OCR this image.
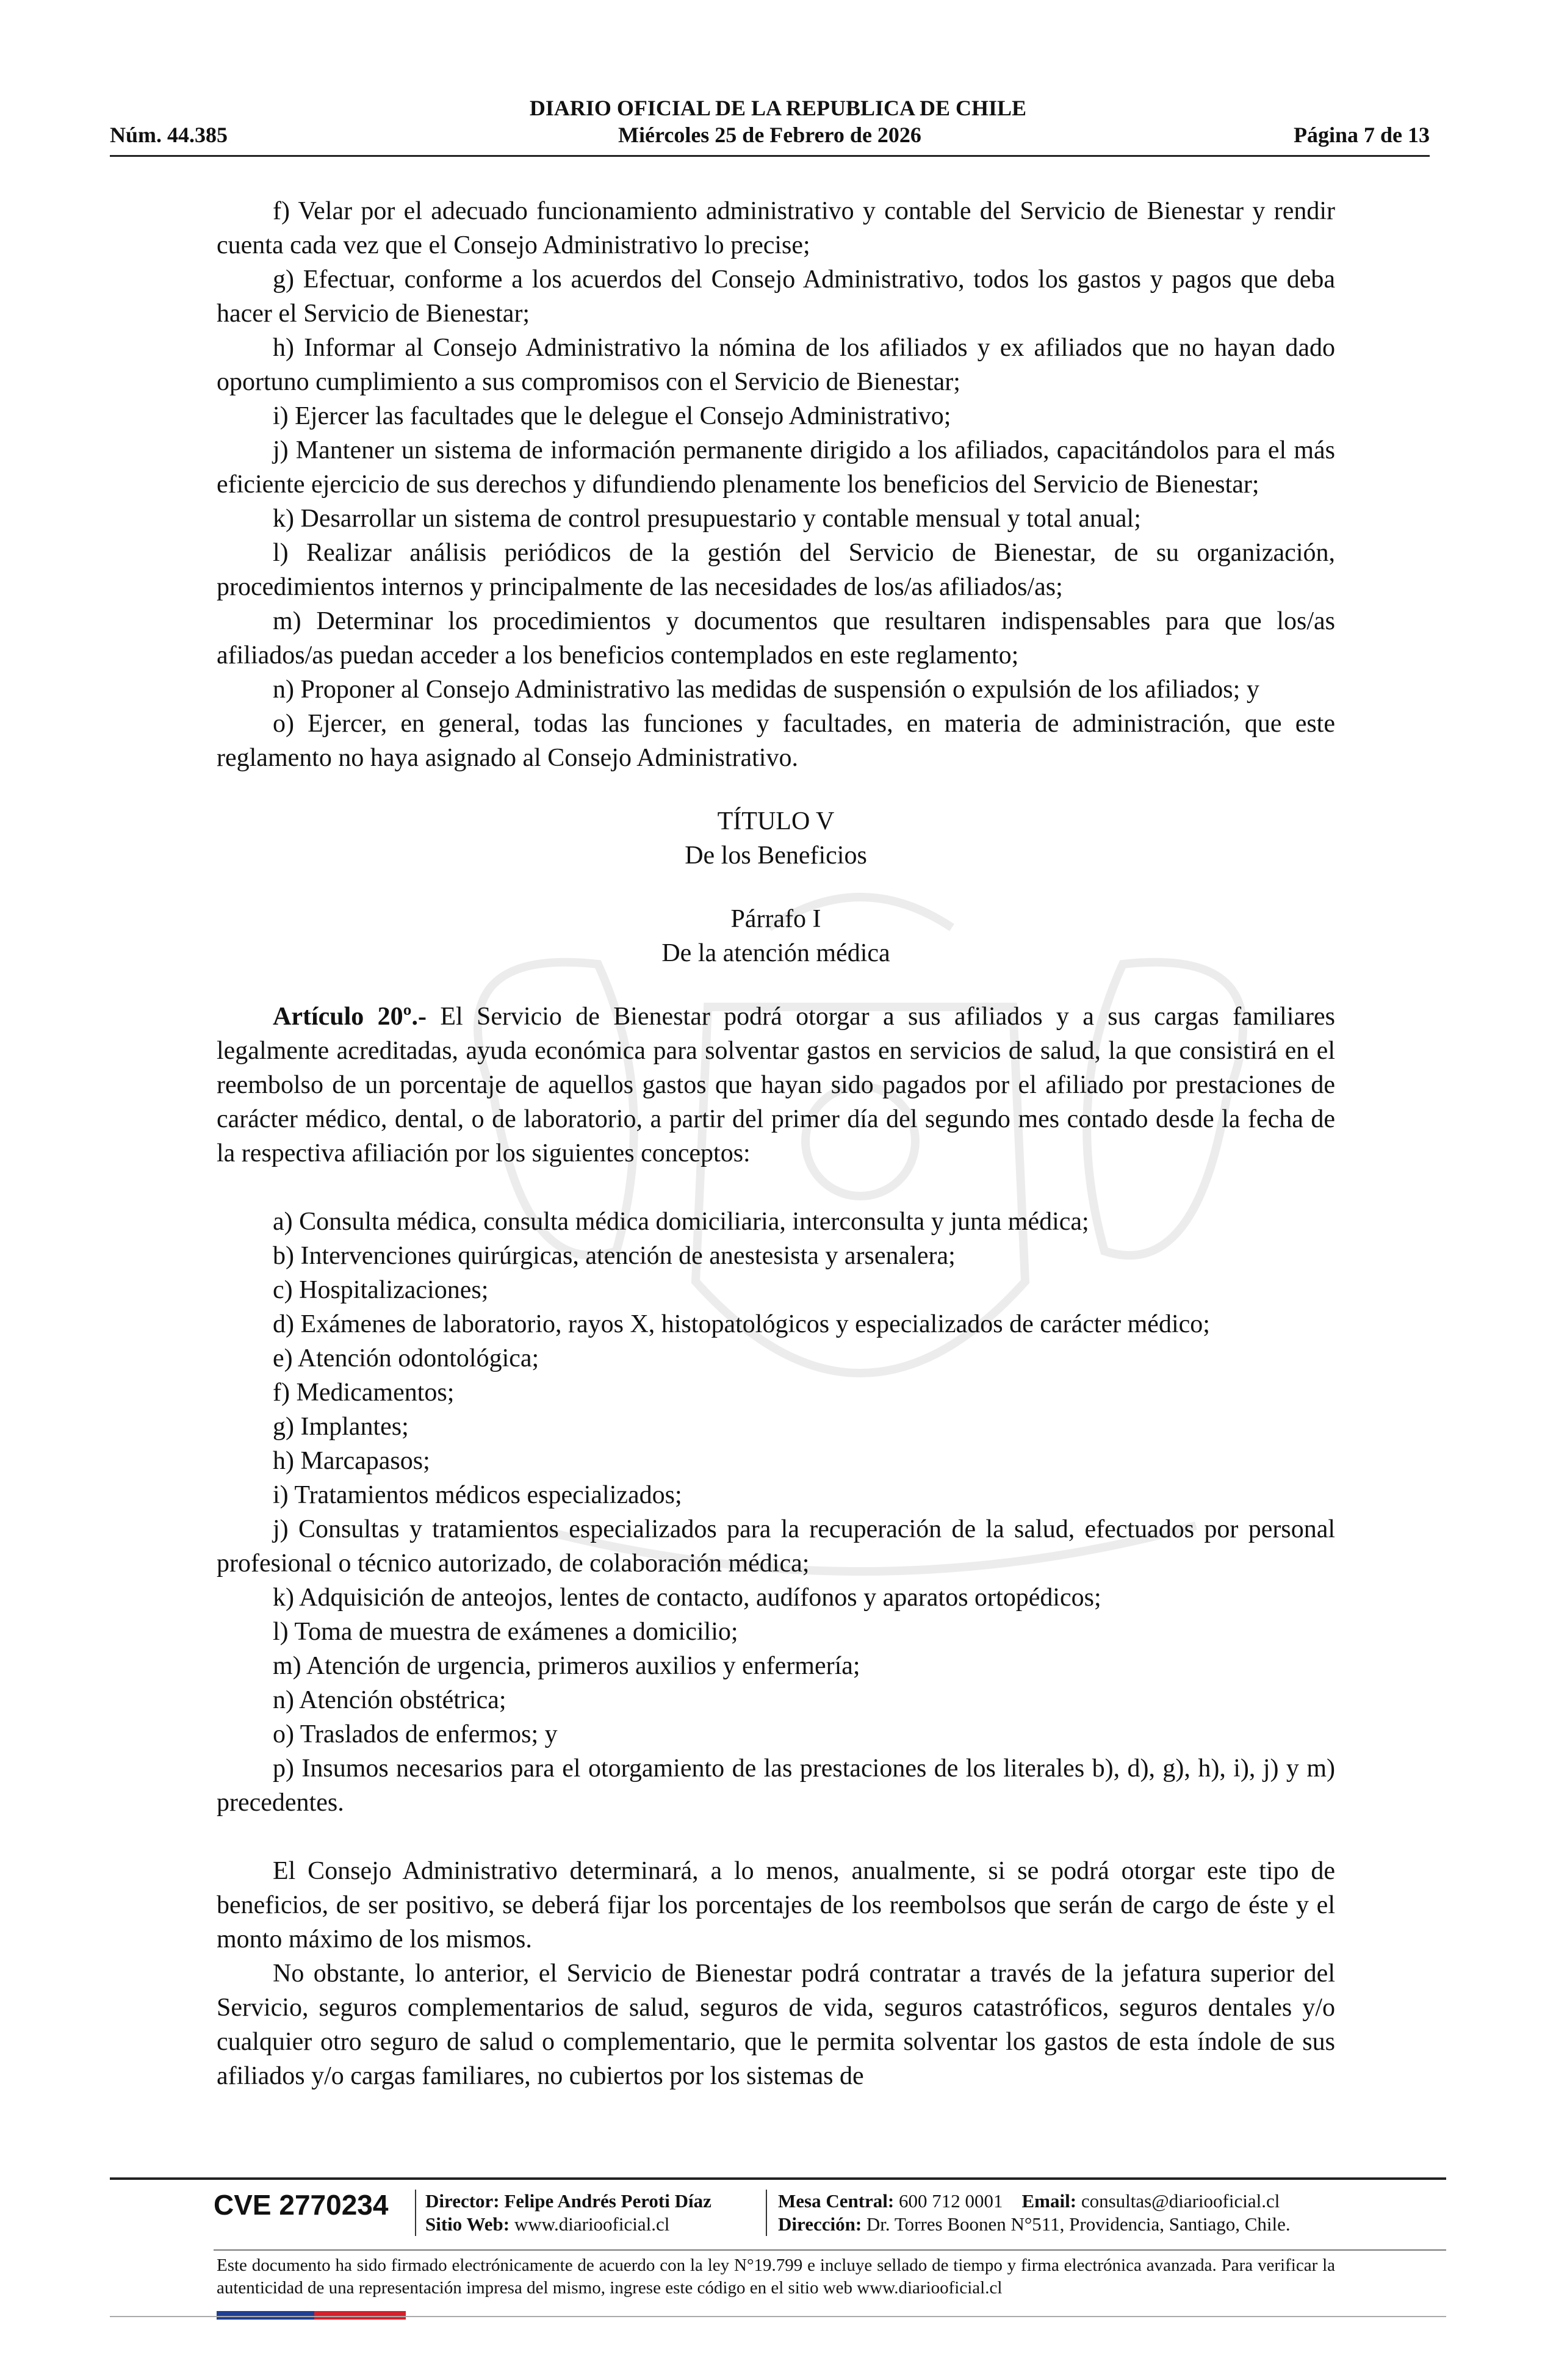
DIARIO OFICIAL DE LA REPUBLICA DE CHILE
Núm. 44.385	Miércoles 25 de Febrero de 2026	Página 7 de 13

f) Velar por el adecuado funcionamiento administrativo y contable del Servicio de Bienestar y rendir cuenta cada vez que el Consejo Administrativo lo precise;

g) Efectuar, conforme a los acuerdos del Consejo Administrativo, todos los gastos y pagos que deba hacer el Servicio de Bienestar;

h) Informar al Consejo Administrativo la nómina de los afiliados y ex afiliados que no hayan dado oportuno cumplimiento a sus compromisos con el Servicio de Bienestar;

i) Ejercer las facultades que le delegue el Consejo Administrativo;

j) Mantener un sistema de información permanente dirigido a los afiliados, capacitándolos para el más eficiente ejercicio de sus derechos y difundiendo plenamente los beneficios del Servicio de Bienestar;

k) Desarrollar un sistema de control presupuestario y contable mensual y total anual;

l) Realizar análisis periódicos de la gestión del Servicio de Bienestar, de su organización, procedimientos internos y principalmente de las necesidades de los/as afiliados/as;

m) Determinar los procedimientos y documentos que resultaren indispensables para que los/as afiliados/as puedan acceder a los beneficios contemplados en este reglamento;

n) Proponer al Consejo Administrativo las medidas de suspensión o expulsión de los afiliados; y

o) Ejercer, en general, todas las funciones y facultades, en materia de administración, que este reglamento no haya asignado al Consejo Administrativo.

TÍTULO V

De los Beneficios

Párrafo I

De la atención médica

Artículo 20º.- El Servicio de Bienestar podrá otorgar a sus afiliados y a sus cargas familiares legalmente acreditadas, ayuda económica para solventar gastos en servicios de salud, la que consistirá en el reembolso de un porcentaje de aquellos gastos que hayan sido pagados por el afiliado por prestaciones de carácter médico, dental, o de laboratorio, a partir del primer día del segundo mes contado desde la fecha de la respectiva afiliación por los siguientes conceptos:

a) Consulta médica, consulta médica domiciliaria, interconsulta y junta médica;

b) Intervenciones quirúrgicas, atención de anestesista y arsenalera;

c) Hospitalizaciones;

d) Exámenes de laboratorio, rayos X, histopatológicos y especializados de carácter médico;

e) Atención odontológica;

f) Medicamentos;

g) Implantes;

h) Marcapasos;

i) Tratamientos médicos especializados;

j) Consultas y tratamientos especializados para la recuperación de la salud, efectuados por personal profesional o técnico autorizado, de colaboración médica;

k) Adquisición de anteojos, lentes de contacto, audífonos y aparatos ortopédicos;

l) Toma de muestra de exámenes a domicilio;

m) Atención de urgencia, primeros auxilios y enfermería;

n) Atención obstétrica;

o) Traslados de enfermos; y

p) Insumos necesarios para el otorgamiento de las prestaciones de los literales b), d), g), h), i), j) y m) precedentes.

El Consejo Administrativo determinará, a lo menos, anualmente, si se podrá otorgar este tipo de beneficios, de ser positivo, se deberá fijar los porcentajes de los reembolsos que serán de cargo de éste y el monto máximo de los mismos.

No obstante, lo anterior, el Servicio de Bienestar podrá contratar a través de la jefatura superior del Servicio, seguros complementarios de salud, seguros de vida, seguros catastróficos, seguros dentales y/o cualquier otro seguro de salud o complementario, que le permita solventar los gastos de esta índole de sus afiliados y/o cargas familiares, no cubiertos por los sistemas de

CVE 2770234	Director: Felipe Andrés Peroti Díaz
Sitio Web: www.diariooficial.cl
Mesa Central: 600 712 0001 Email: consultas@diariooficial.cl
Dirección: Dr. Torres Boonen N°511, Providencia, Santiago, Chile.
Este documento ha sido firmado electrónicamente de acuerdo con la ley N°19.799 e incluye sellado de tiempo y firma electrónica avanzada. Para verificar la autenticidad de una representación impresa del mismo, ingrese este código en el sitio web www.diariooficial.cl
